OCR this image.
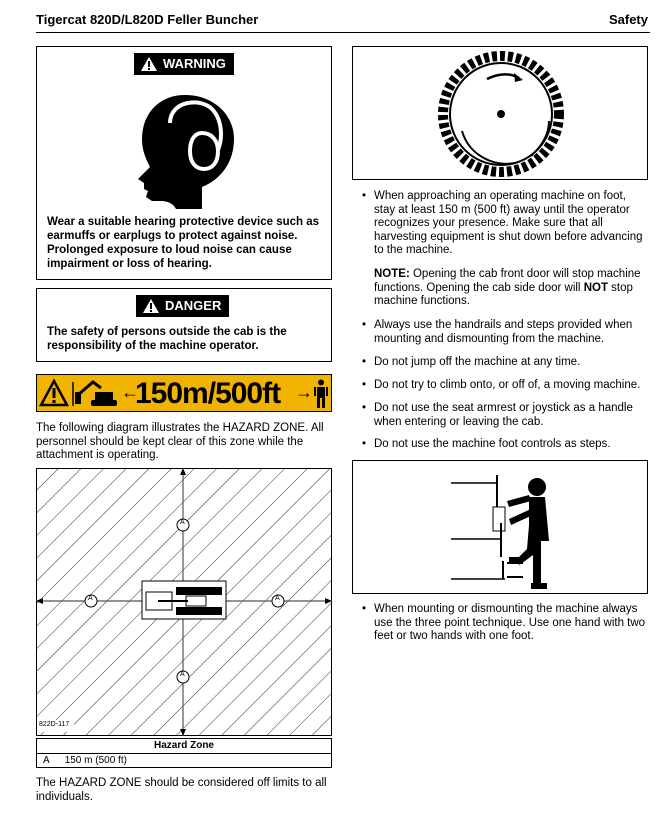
Tigercat 820D/L820D Feller Buncher	Safety
WARNING
Wear a suitable hearing protective device such as earmuffs or earplugs to protect against noise. Prolonged exposure to loud noise can cause impairment or loss of hearing.
DANGER
The safety of persons outside the cab is the responsibility of the machine operator.
←
150m/500ft →
The following diagram illustrates the HAZARD ZONE. All personnel should be kept clear of this zone while the attachment is operating.
A
A
A	A
822D-117
Hazard Zone
A 150 m (500 ft)
The HAZARD ZONE should be considered off limits to all individuals.
• When approaching an operating machine on foot, stay at least 150 m (500 ft) away until the operator recognizes your presence. Make sure that all harvesting equipment is shut down before advancing to the machine.
NOTE: Opening the cab front door will stop machine functions. Opening the cab side door will NOT stop machine functions.
• Always use the handrails and steps provided when mounting and dismounting from the machine.
• Do not jump off the machine at any time.
• Do not try to climb onto, or off of, a moving machine.
• Do not use the seat armrest or joystick as a handle when entering or leaving the cab.
• Do not use the machine foot controls as steps.
• When mounting or dismounting the machine always use the three point technique. Use one hand with two feet or two hands with one foot.
